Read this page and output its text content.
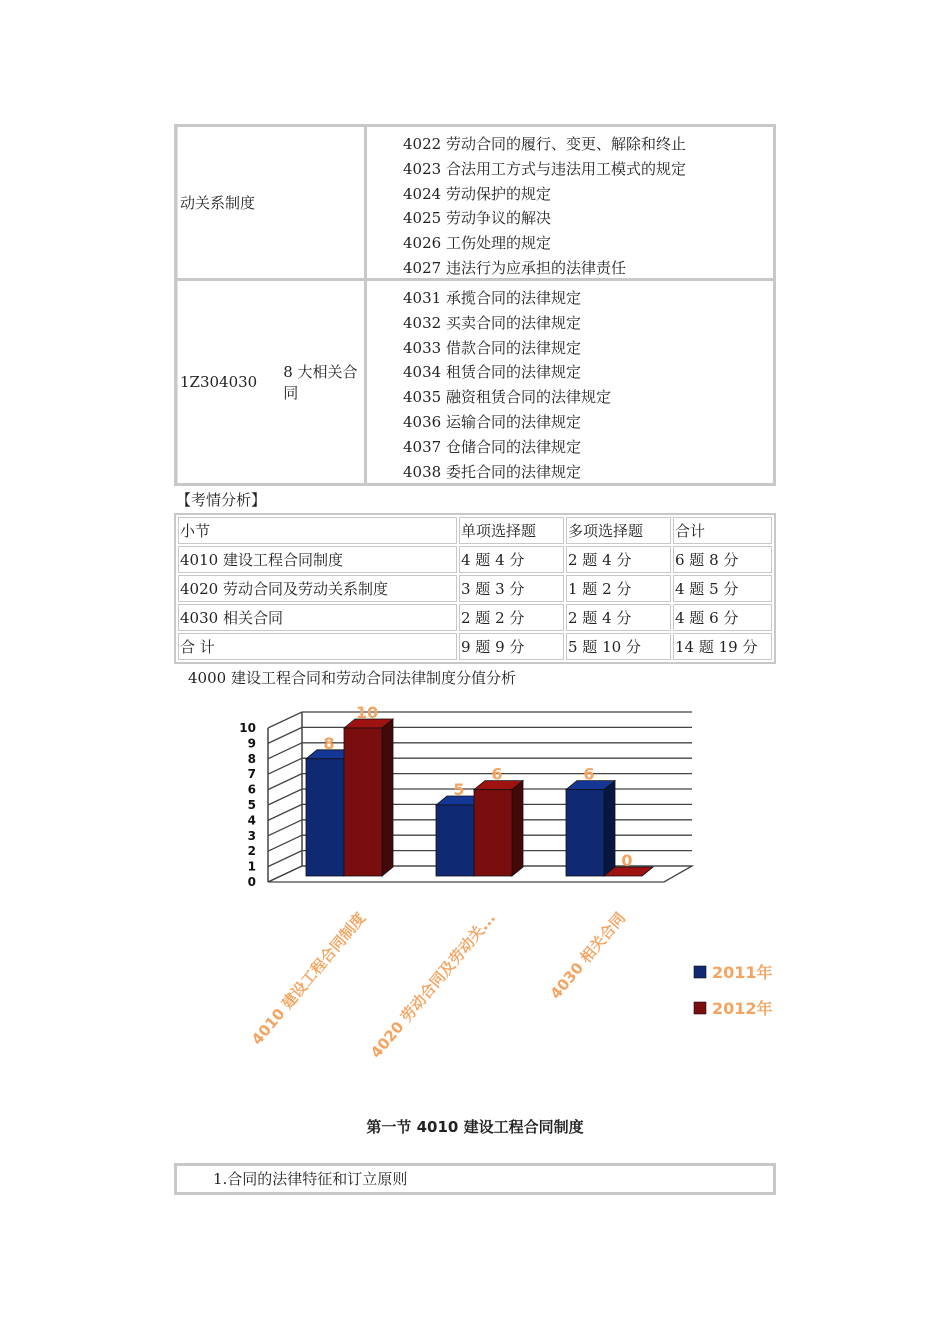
动关系制度
4022 劳动合同的履行、变更、解除和终止
4023 合法用工方式与违法用工模式的规定
4024 劳动保护的规定
4025 劳动争议的解决
4026 工伤处理的规定
4027 违法行为应承担的法律责任
1Z304030
8 大相关合同
4031 承揽合同的法律规定
4032 买卖合同的法律规定
4033 借款合同的法律规定
4034 租赁合同的法律规定
4035 融资租赁合同的法律规定
4036 运输合同的法律规定
4037 仓储合同的法律规定
4038 委托合同的法律规定
【考情分析】
小节	单项选择题	多项选择题	合计
4010 建设工程合同制度	4 题 4 分	2 题 4 分	6 题 8 分
4020 劳动合同及劳动关系制度	3 题 3 分	1 题 2 分	4 题 5 分
4030 相关合同	2 题 2 分	2 题 4 分	4 题 6 分
合 计	9 题 9 分	5 题 10 分	14 题 19 分
4000 建设工程合同和劳动合同法律制度分值分析
0
1
2
3
4
5
6
7
8
9
10
8
10
4010 建设工程合同制度
5
6
4020 劳动合同及劳动关...
6
0
4030 相关合同	2011年
2012年
第一节 4010 建设工程合同制度
1.合同的法律特征和订立原则
